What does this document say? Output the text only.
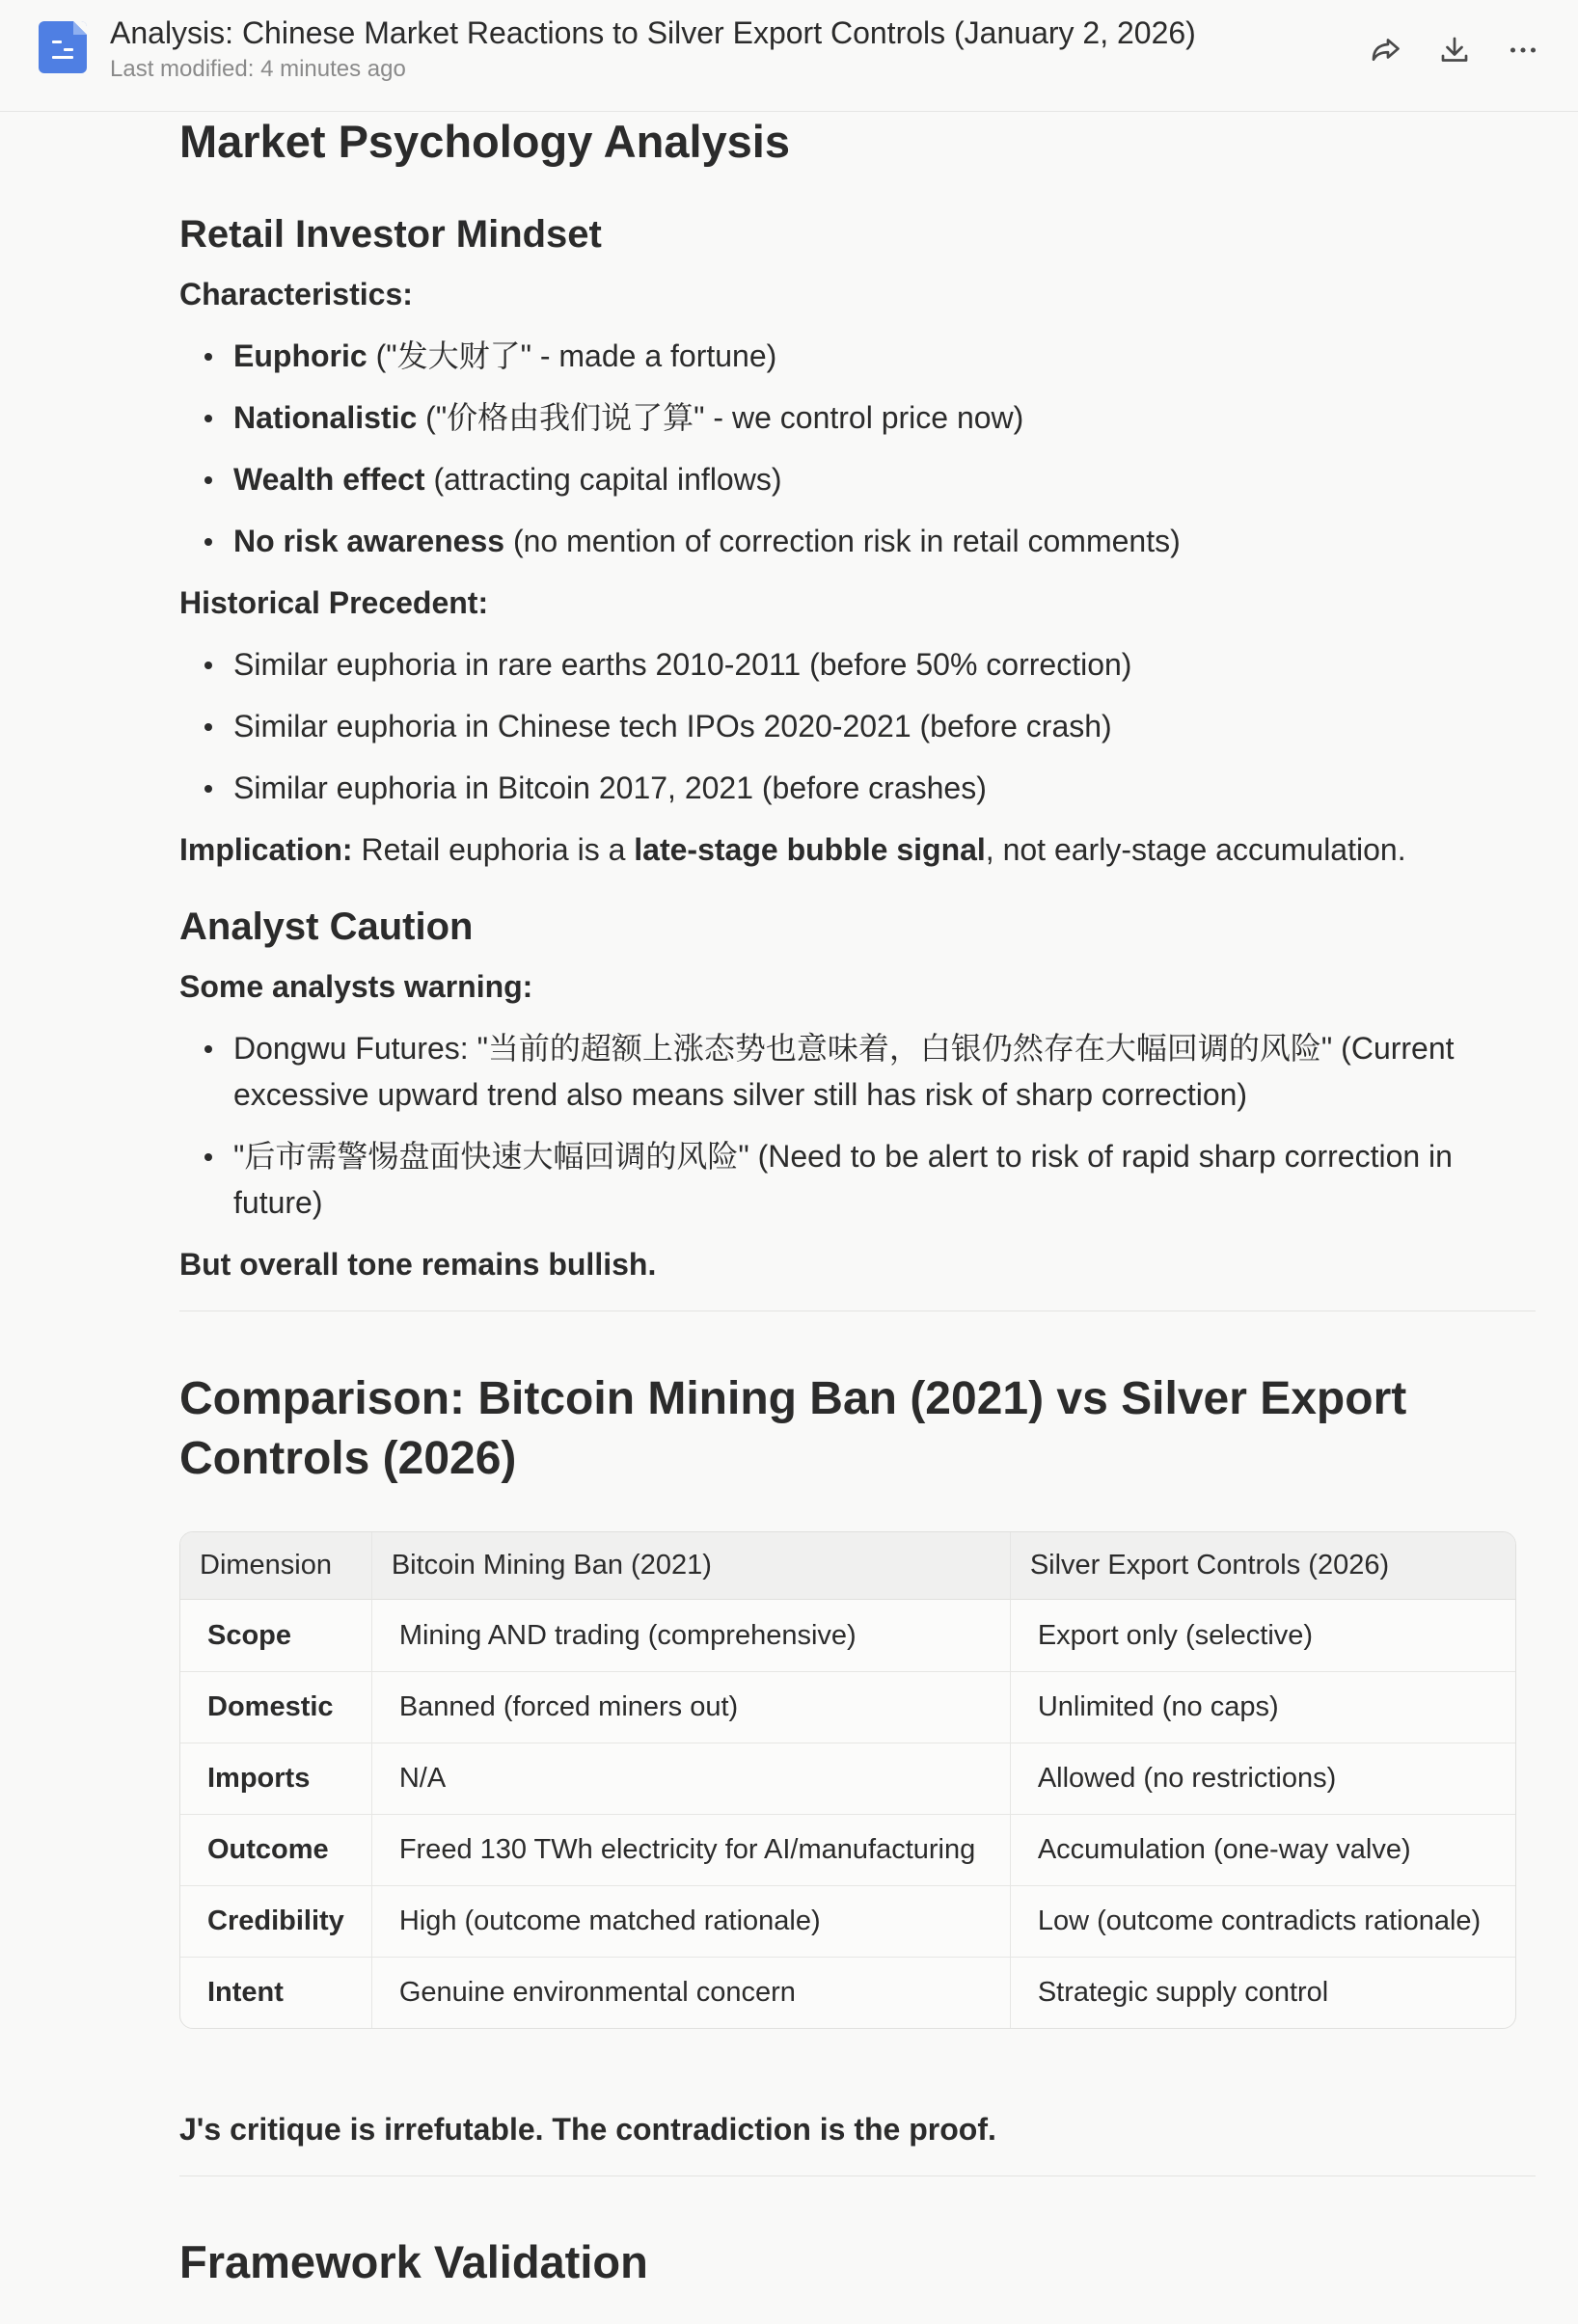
Analysis: Chinese Market Reactions to Silver Export Controls (January 2, 2026)
Last modified: 4 minutes ago
Market Psychology Analysis
Retail Investor Mindset

Characteristics:

Euphoric ("发大财了" - made a fortune)
Nationalistic ("价格由我们说了算" - we control price now)
Wealth effect (attracting capital inflows)
No risk awareness (no mention of correction risk in retail comments)

Historical Precedent:

Similar euphoria in rare earths 2010-2011 (before 50% correction)
Similar euphoria in Chinese tech IPOs 2020-2021 (before crash)
Similar euphoria in Bitcoin 2017, 2021 (before crashes)

Implication: Retail euphoria is a late-stage bubble signal, not early-stage accumulation.

Analyst Caution

Some analysts warning:

Dongwu Futures: "当前的超额上涨态势也意味着，白银仍然存在大幅回调的风险" (Current excessive upward trend also means silver still has risk of sharp correction)
"后市需警惕盘面快速大幅回调的风险" (Need to be alert to risk of rapid sharp correction in future)

But overall tone remains bullish.

Comparison: Bitcoin Mining Ban (2021) vs Silver Export Controls (2026)
Dimension	Bitcoin Mining Ban (2021)	Silver Export Controls (2026)
Scope	Mining AND trading (comprehensive)	Export only (selective)
Domestic	Banned (forced miners out)	Unlimited (no caps)
Imports	N/A	Allowed (no restrictions)
Outcome	Freed 130 TWh electricity for AI/manufacturing	Accumulation (one-way valve)
Credibility	High (outcome matched rationale)	Low (outcome contradicts rationale)
Intent	Genuine environmental concern	Strategic supply control

J's critique is irrefutable. The contradiction is the proof.

Framework Validation
